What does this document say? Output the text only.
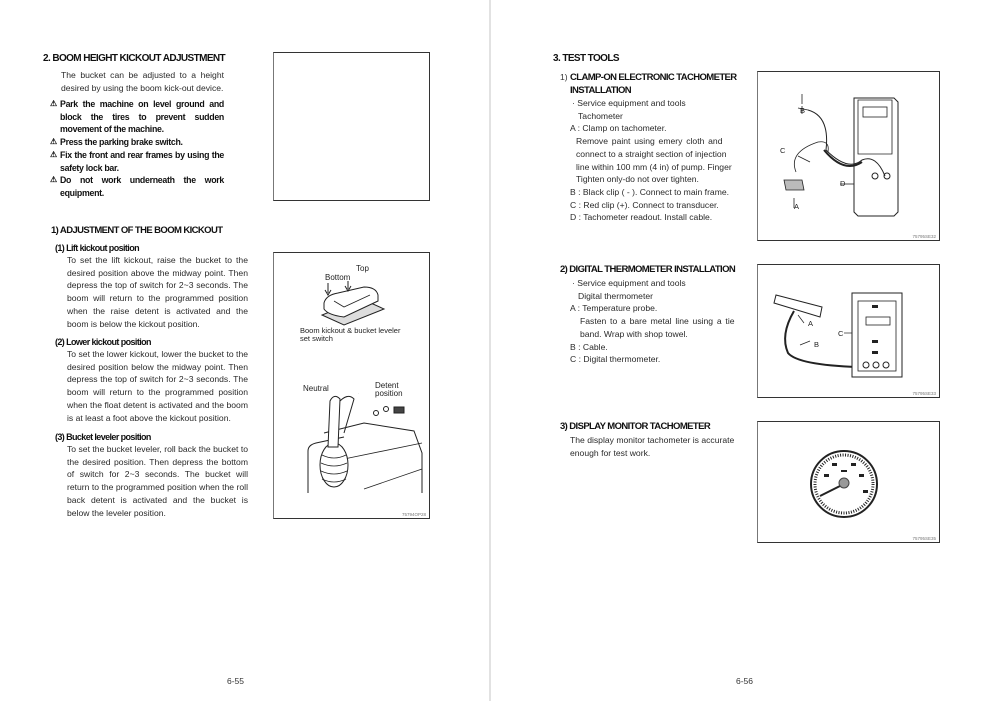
2. BOOM HEIGHT KICKOUT ADJUSTMENT
The bucket can be adjusted to a height desired by using the boom kick-out device.
⚠ Park the machine on level ground and block the tires to prevent sudden movement of the machine.
⚠ Press the parking brake switch.
⚠ Fix the front and rear frames by using the safety lock bar.
⚠ Do not work underneath the work equipment.
1) ADJUSTMENT OF THE BOOM KICKOUT
(1) Lift kickout position
To set the lift kickout, raise the bucket to the desired position above the midway point. Then depress the top of switch for 2~3 seconds. The boom will return to the programmed position when the raise detent is activated and the boom is below the kickout position.
(2) Lower kickout position
To set the lower kickout, lower the bucket to the desired position below the midway point. Then depress the top of switch for 2~3 seconds. The boom will return to the programmed position when the float detent is activated and the boom is at least a foot above the kickout position.
(3) Bucket leveler position
To set the bucket leveler, roll back the bucket to the desired position. Then depress the bottom of switch for 2~3 seconds. The bucket will return to the programmed position when the roll back detent is activated and the bucket is below the leveler position.
Bottom
Top
Boom kickout & bucket leveler
set switch
Neutral	Detent
position
75794OP28
6-55
3. TEST TOOLS
1) CLAMP-ON ELECTRONIC TACHOMETER
INSTALLATION
· Service equipment and tools
Tachometer
A : Clamp on tachometer.
Remove paint using emery cloth and
connect to a straight section of injection
line within 100 mm (4 in) of pump. Finger
Tighten only-do not over tighten.
B : Black clip ( - ). Connect to main frame.
C : Red clip (+). Connect to transducer.
D : Tachometer readout. Install cable.
B
C
A
D
75795SE32
2) DIGITAL THERMOMETER INSTALLATION
· Service equipment and tools
Digital thermometer
A : Temperature probe.
Fasten to a bare metal line using a tie
band. Wrap with shop towel.
B : Cable.
C : Digital thermometer.
A
B
C
75795SE33
3) DISPLAY MONITOR TACHOMETER
The display monitor tachometer is accurate
enough for test work.
75795SE35
6-56
